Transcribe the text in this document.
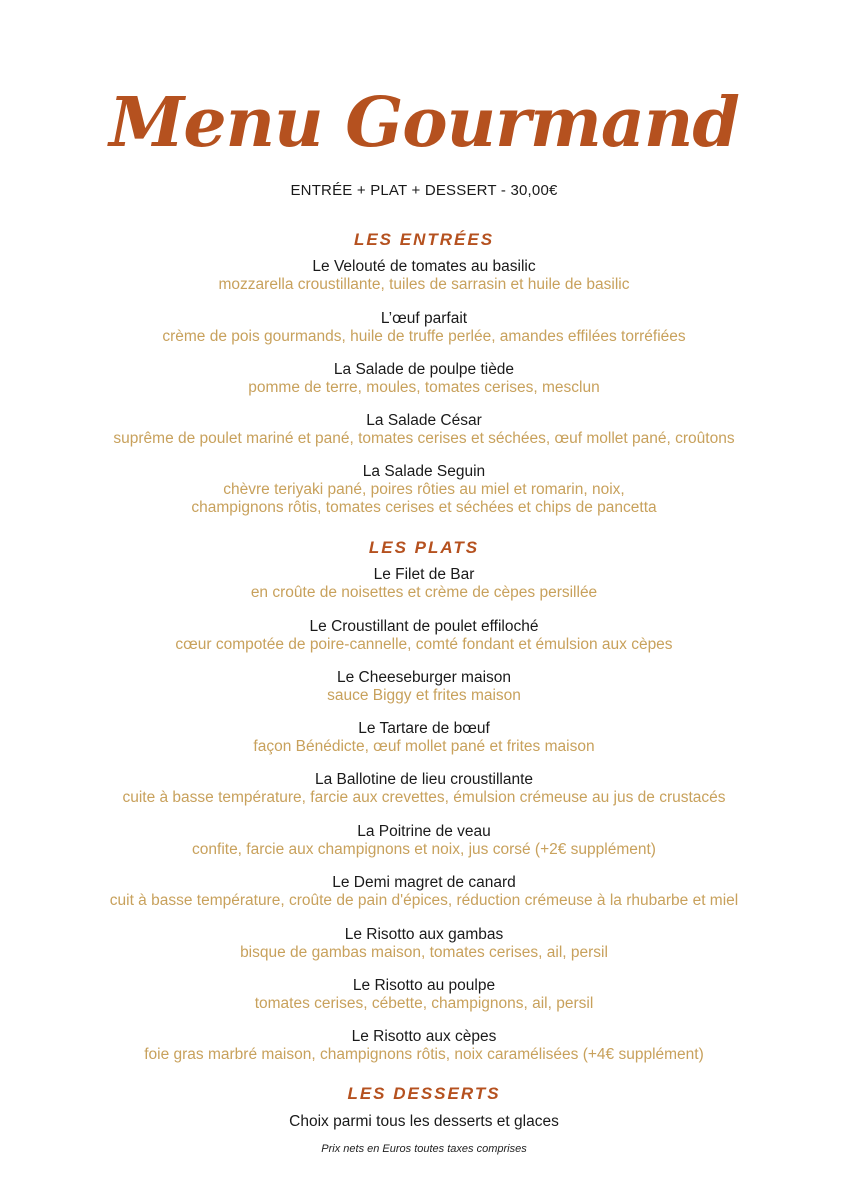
Menu Gourmand
ENTRÉE + PLAT + DESSERT - 30,00€
LES ENTRÉES
Le Velouté de tomates au basilic
mozzarella croustillante, tuiles de sarrasin et huile de basilic
L’œuf parfait
crème de pois gourmands, huile de truffe perlée, amandes effilées torréfiées
La Salade de poulpe tiède
pomme de terre, moules, tomates cerises, mesclun
La Salade César
suprême de poulet mariné et pané, tomates cerises et séchées, œuf mollet pané, croûtons
La Salade Seguin
chèvre teriyaki pané, poires rôties au miel et romarin, noix,
champignons rôtis, tomates cerises et séchées et chips de pancetta
LES PLATS
Le Filet de Bar
en croûte de noisettes et crème de cèpes persillée
Le Croustillant de poulet effiloché
cœur compotée de poire-cannelle, comté fondant et émulsion aux cèpes
Le Cheeseburger maison
sauce Biggy et frites maison
Le Tartare de bœuf
façon Bénédicte, œuf mollet pané et frites maison
La Ballotine de lieu croustillante
cuite à basse température, farcie aux crevettes, émulsion crémeuse au jus de crustacés
La Poitrine de veau
confite, farcie aux champignons et noix, jus corsé (+2€ supplément)
Le Demi magret de canard
cuit à basse température, croûte de pain d'épices, réduction crémeuse à la rhubarbe et miel
Le Risotto aux gambas
bisque de gambas maison, tomates cerises, ail, persil
Le Risotto au poulpe
tomates cerises, cébette, champignons, ail, persil
Le Risotto aux cèpes
foie gras marbré maison, champignons rôtis, noix caramélisées (+4€ supplément)
LES DESSERTS
Choix parmi tous les desserts et glaces
Prix nets en Euros toutes taxes comprises
